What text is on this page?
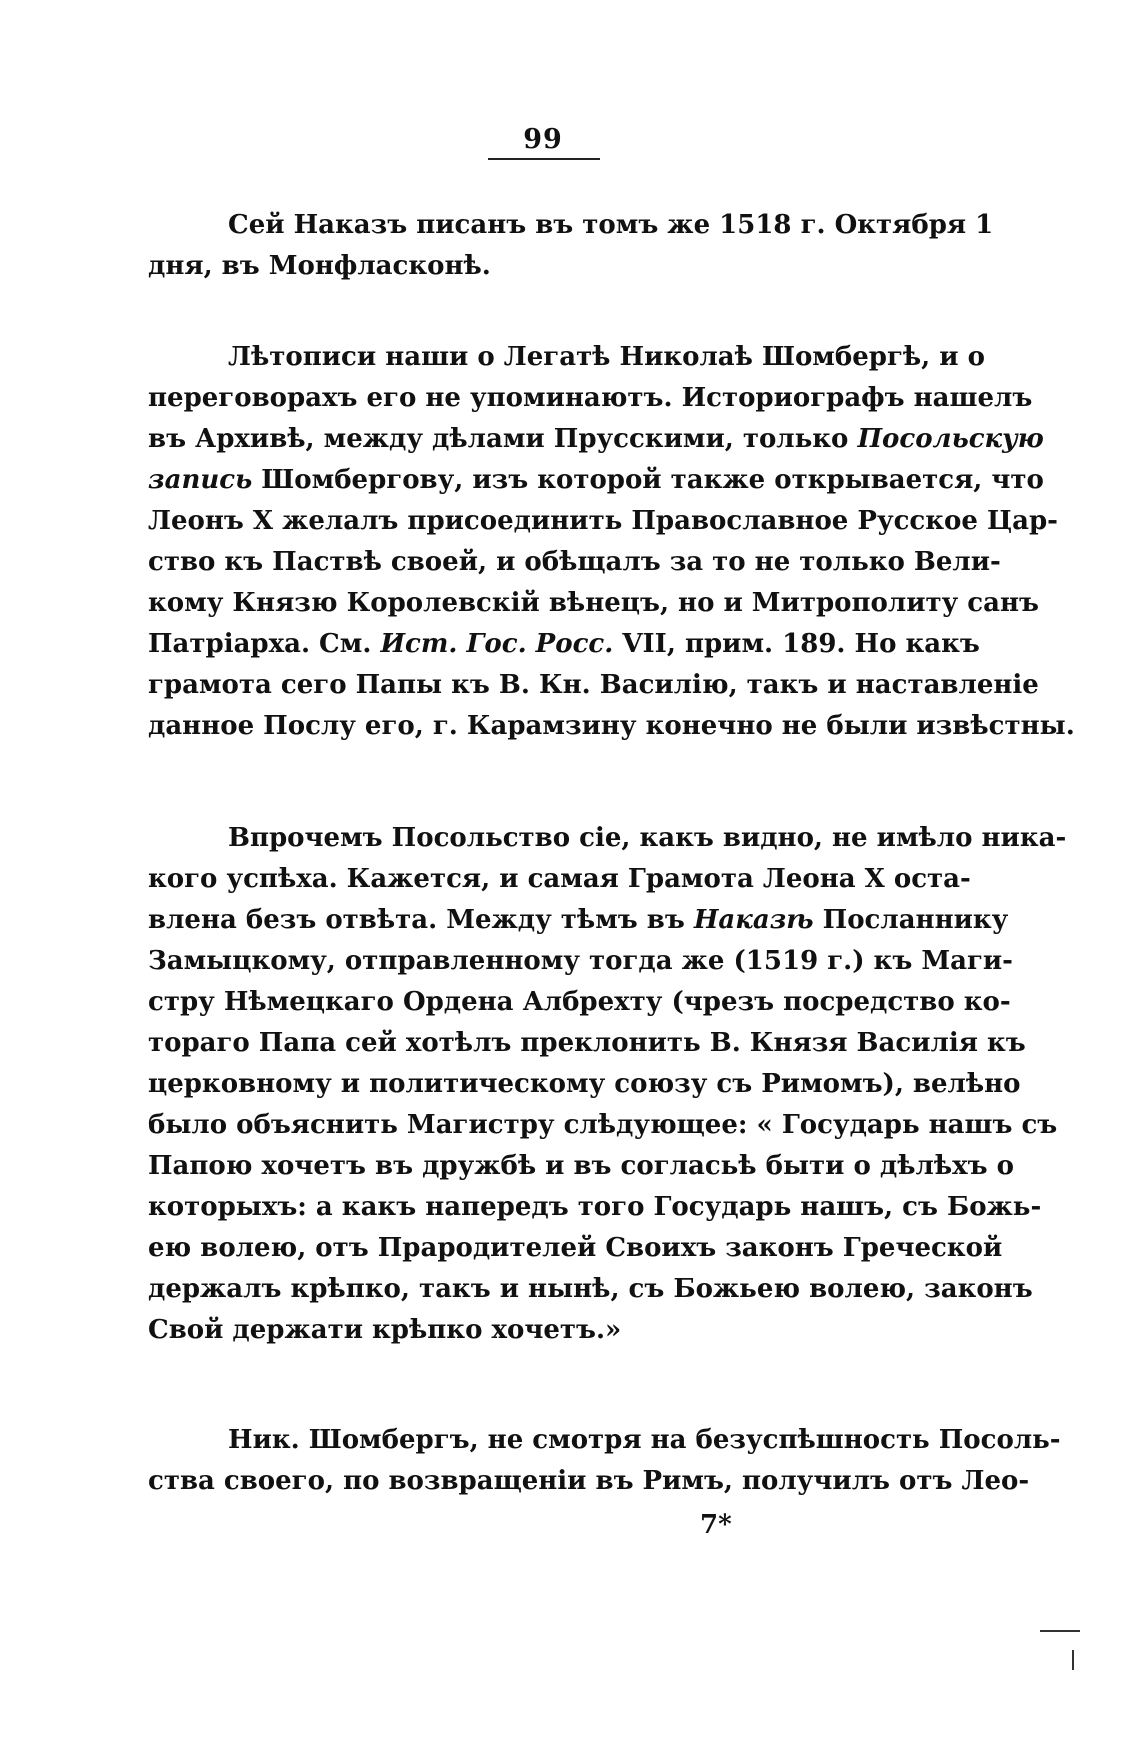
99
Сей Наказъ писанъ въ томъ же 1518 г. Октября 1
дня, въ Монфласконѣ.
Лѣтописи наши о Легатѣ Николаѣ Шомбергѣ, и о
переговорахъ его не упоминаютъ. Историографъ нашелъ
въ Архивѣ, между дѣлами Прусскими, только Посольскую
запись Шомбергову, изъ которой также открывается, что
Леонъ X желалъ присоединить Православное Русское Цар-
ство къ Паствѣ своей, и обѣщалъ за то не только Вели-
кому Князю Королевскій вѣнецъ, но и Митрополиту санъ
Патріарха. См. Ист. Гос. Росс. VII, прим. 189. Но какъ
грамота сего Папы къ В. Кн. Василію, такъ и наставленіе
данное Послу его, г. Карамзину конечно не были извѣстны.
Впрочемъ Посольство сіе, какъ видно, не имѣло ника-
кого успѣха. Кажется, и самая Грамота Леона X оста-
влена безъ отвѣта. Между тѣмъ въ Наказѣ Посланнику
Замыцкому, отправленному тогда же (1519 г.) къ Маги-
стру Нѣмецкаго Ордена Албрехту (чрезъ посредство ко-
тораго Папа сей хотѣлъ преклонить В. Князя Василія къ
церковному и политическому союзу съ Римомъ), велѣно
было объяснить Магистру слѣдующее: « Государь нашъ съ
Папою хочетъ въ дружбѣ и въ согласьѣ быти о дѣлѣхъ о
которыхъ: а какъ напередъ того Государь нашъ, съ Божь-
ею волею, отъ Прародителей Своихъ законъ Греческой
держалъ крѣпко, такъ и нынѣ, съ Божьею волею, законъ
Свой держати крѣпко хочетъ.»
Ник. Шомбергъ, не смотря на безуспѣшность Посоль-
ства своего, по возвращеніи въ Римъ, получилъ отъ Лео-
7*
